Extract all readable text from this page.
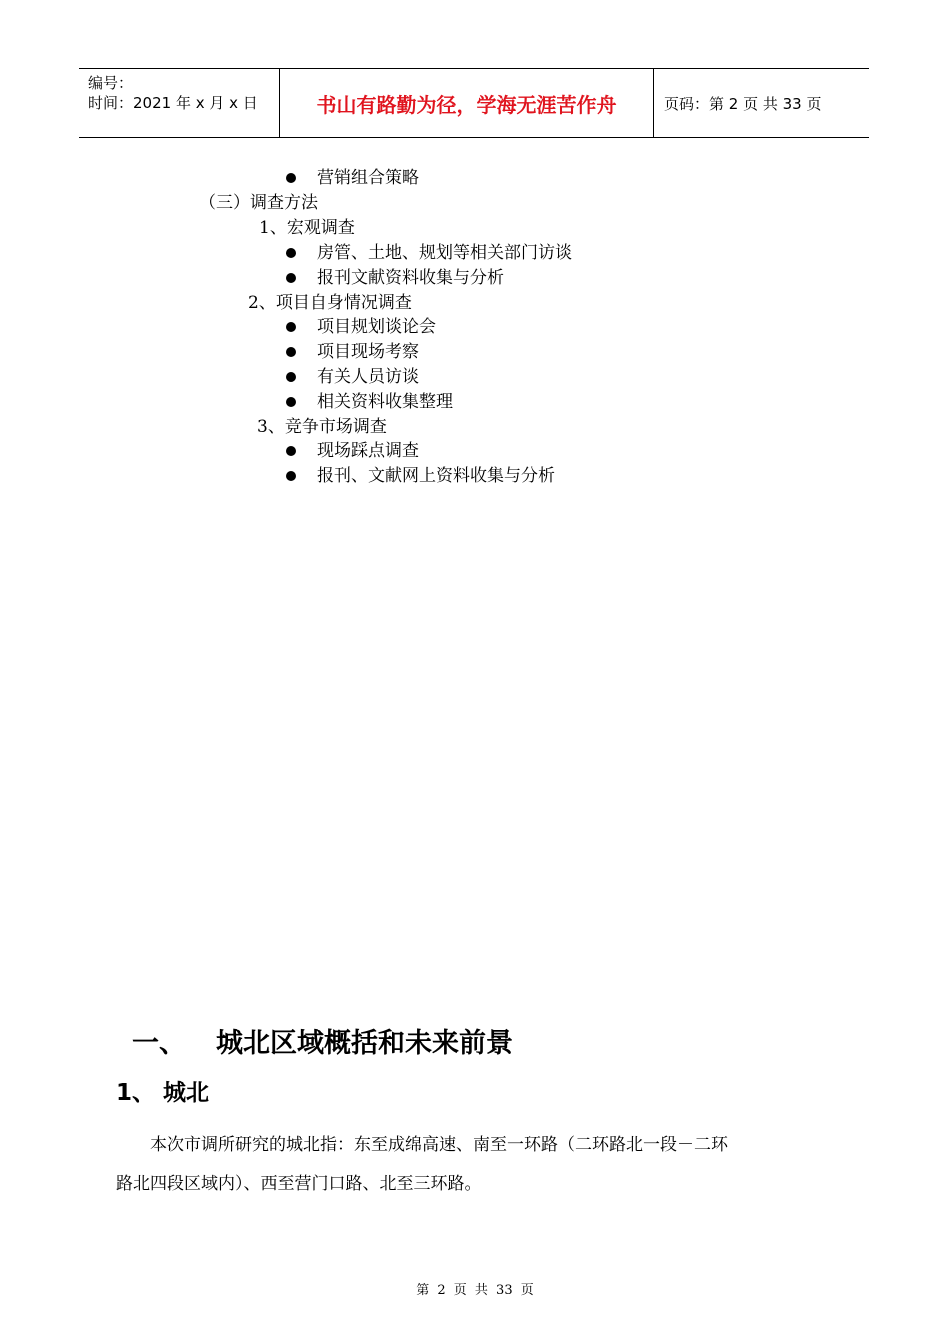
编号：
时间：2021 年 x 月 x 日	书山有路勤为径，学海无涯苦作舟	页码：第 2 页 共 33 页
营销组合策略
（三）调查方法
1、宏观调查
房管、土地、规划等相关部门访谈
报刊文献资料收集与分析
2、项目自身情况调查
项目规划谈论会
项目现场考察
有关人员访谈
相关资料收集整理
3、竞争市场调查
现场踩点调查
报刊、文献网上资料收集与分析
一、 城北区域概括和未来前景
1、 城北
本次市调所研究的城北指：东至成绵高速、南至一环路（二环路北一段－二环
路北四段区域内）、西至营门口路、北至三环路。
第 2 页 共 33 页
